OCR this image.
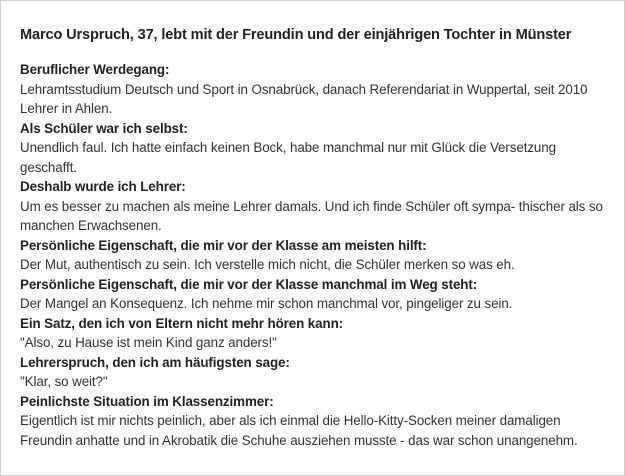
Marco Urspruch, 37, lebt mit der Freundin und der einjährigen Tochter in Münster
Beruflicher Werdegang:
Lehramtsstudium Deutsch und Sport in Osnabrück, danach Referendariat in Wuppertal, seit 2010 Lehrer in Ahlen.
Als Schüler war ich selbst:
Unendlich faul. Ich hatte einfach keinen Bock, habe manchmal nur mit Glück die Versetzung geschafft.
Deshalb wurde ich Lehrer:
Um es besser zu machen als meine Lehrer damals. Und ich finde Schüler oft sympa- thischer als so manchen Erwachsenen.
Persönliche Eigenschaft, die mir vor der Klasse am meisten hilft:
Der Mut, authentisch zu sein. Ich verstelle mich nicht, die Schüler merken so was eh.
Persönliche Eigenschaft, die mir vor der Klasse manchmal im Weg steht:
Der Mangel an Konsequenz. Ich nehme mir schon manchmal vor, pingeliger zu sein.
Ein Satz, den ich von Eltern nicht mehr hören kann:
"Also, zu Hause ist mein Kind ganz anders!"
Lehrerspruch, den ich am häufigsten sage:
"Klar, so weit?"
Peinlichste Situation im Klassenzimmer:
Eigentlich ist mir nichts peinlich, aber als ich einmal die Hello-Kitty-Socken meiner damaligen Freundin anhatte und in Akrobatik die Schuhe ausziehen musste - das war schon unangenehm.
